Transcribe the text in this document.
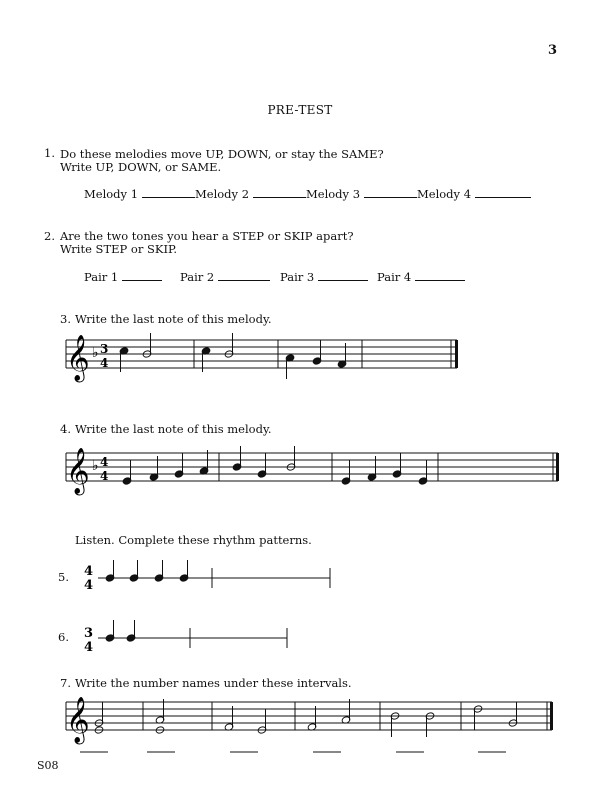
3
PRE-TEST
1. Do these melodies move UP, DOWN, or stay the SAME?
Write UP, DOWN, or SAME.
Melody 1	Melody 2	Melody 3	Melody 4
2. Are the two tones you hear a STEP or SKIP apart?
Write STEP or SKIP.
Pair 1	Pair 2	Pair 3	Pair 4
3. Write the last note of this melody.
𝄞 ♭ 3
4
4. Write the last note of this melody.
𝄞 ♭ 4
4
Listen. Complete these rhythm patterns.
5. 4
4
6. 3
4
7. Write the number names under these intervals.
𝄞
S08
